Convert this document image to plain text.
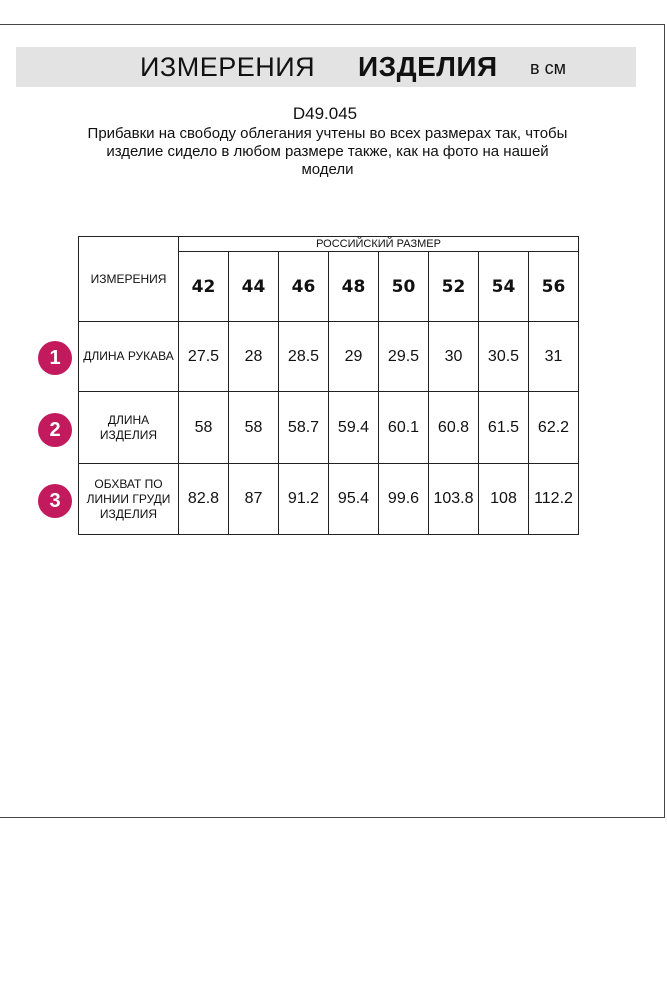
ИЗМЕРЕНИЯ ИЗДЕЛИЯ в см
D49.045
Прибавки на свободу облегания учтены во всех размерах так, чтобы
изделие сидело в любом размере также, как на фото на нашей
модели
ИЗМЕРЕНИЯ	РОССИЙСКИЙ РАЗМЕР							
	42	44	46	48	50	52	54	56

ДЛИНА РУКАВА	27.5	28	28.5	29	29.5	30	30.5	31

ДЛИНА
ИЗДЕЛИЯ	58	58	58.7	59.4	60.1	60.8	61.5	62.2

ОБХВАТ ПО
ЛИНИИ ГРУДИ
ИЗДЕЛИЯ	82.8	87	91.2	95.4	99.6	103.8	108	112.2
1
2
3
